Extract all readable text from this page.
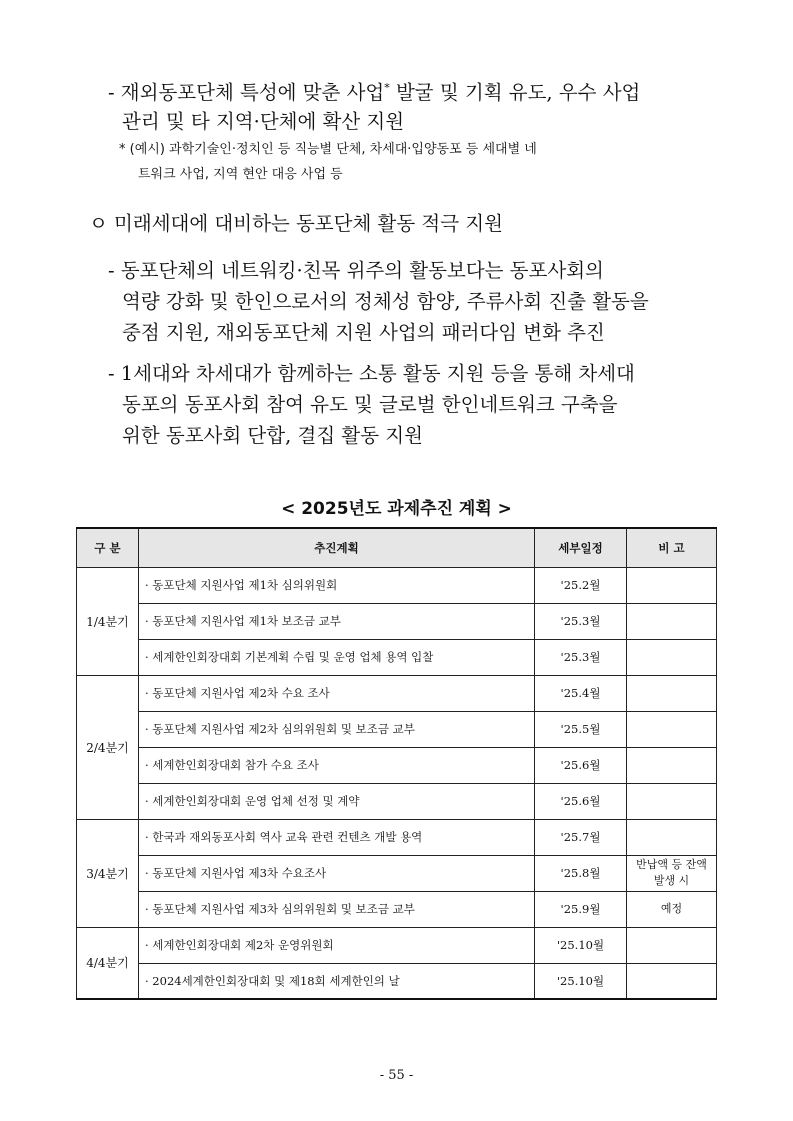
- 재외동포단체 특성에 맞춘 사업* 발굴 및 기획 유도, 우수 사업
관리 및 타 지역·단체에 확산 지원
* (예시) 과학기술인·정치인 등 직능별 단체, 차세대·입양동포 등 세대별 네
트워크 사업, 지역 현안 대응 사업 등
ㅇ 미래세대에 대비하는 동포단체 활동 적극 지원
- 동포단체의 네트워킹·친목 위주의 활동보다는 동포사회의
역량 강화 및 한인으로서의 정체성 함양, 주류사회 진출 활동을
중점 지원, 재외동포단체 지원 사업의 패러다임 변화 추진
- 1세대와 차세대가 함께하는 소통 활동 지원 등을 통해 차세대
동포의 동포사회 참여 유도 및 글로벌 한인네트워크 구축을
위한 동포사회 단합, 결집 활동 지원
< 2025년도 과제추진 계획 >
구 분	추진계획	세부일정	비 고
1/4분기	· 동포단체 지원사업 제1차 심의위원회	'25.2월	
	· 동포단체 지원사업 제1차 보조금 교부	'25.3월	
	· 세계한인회장대회 기본계획 수립 및 운영 업체 용역 입찰	'25.3월	
2/4분기	· 동포단체 지원사업 제2차 수요 조사	'25.4월	
	· 동포단체 지원사업 제2차 심의위원회 및 보조금 교부	'25.5월	
	· 세계한인회장대회 참가 수요 조사	'25.6월	
	· 세계한인회장대회 운영 업체 선정 및 계약	'25.6월	
3/4분기	· 한국과 재외동포사회 역사 교육 관련 컨텐츠 개발 용역	'25.7월	
	· 동포단체 지원사업 제3차 수요조사	'25.8월	반납액 등 잔액 발생 시
	· 동포단체 지원사업 제3차 심의위원회 및 보조금 교부	'25.9월	예정
4/4분기	· 세계한인회장대회 제2차 운영위원회	'25.10월	
	· 2024세계한인회장대회 및 제18회 세계한인의 날	'25.10월	
- 55 -
